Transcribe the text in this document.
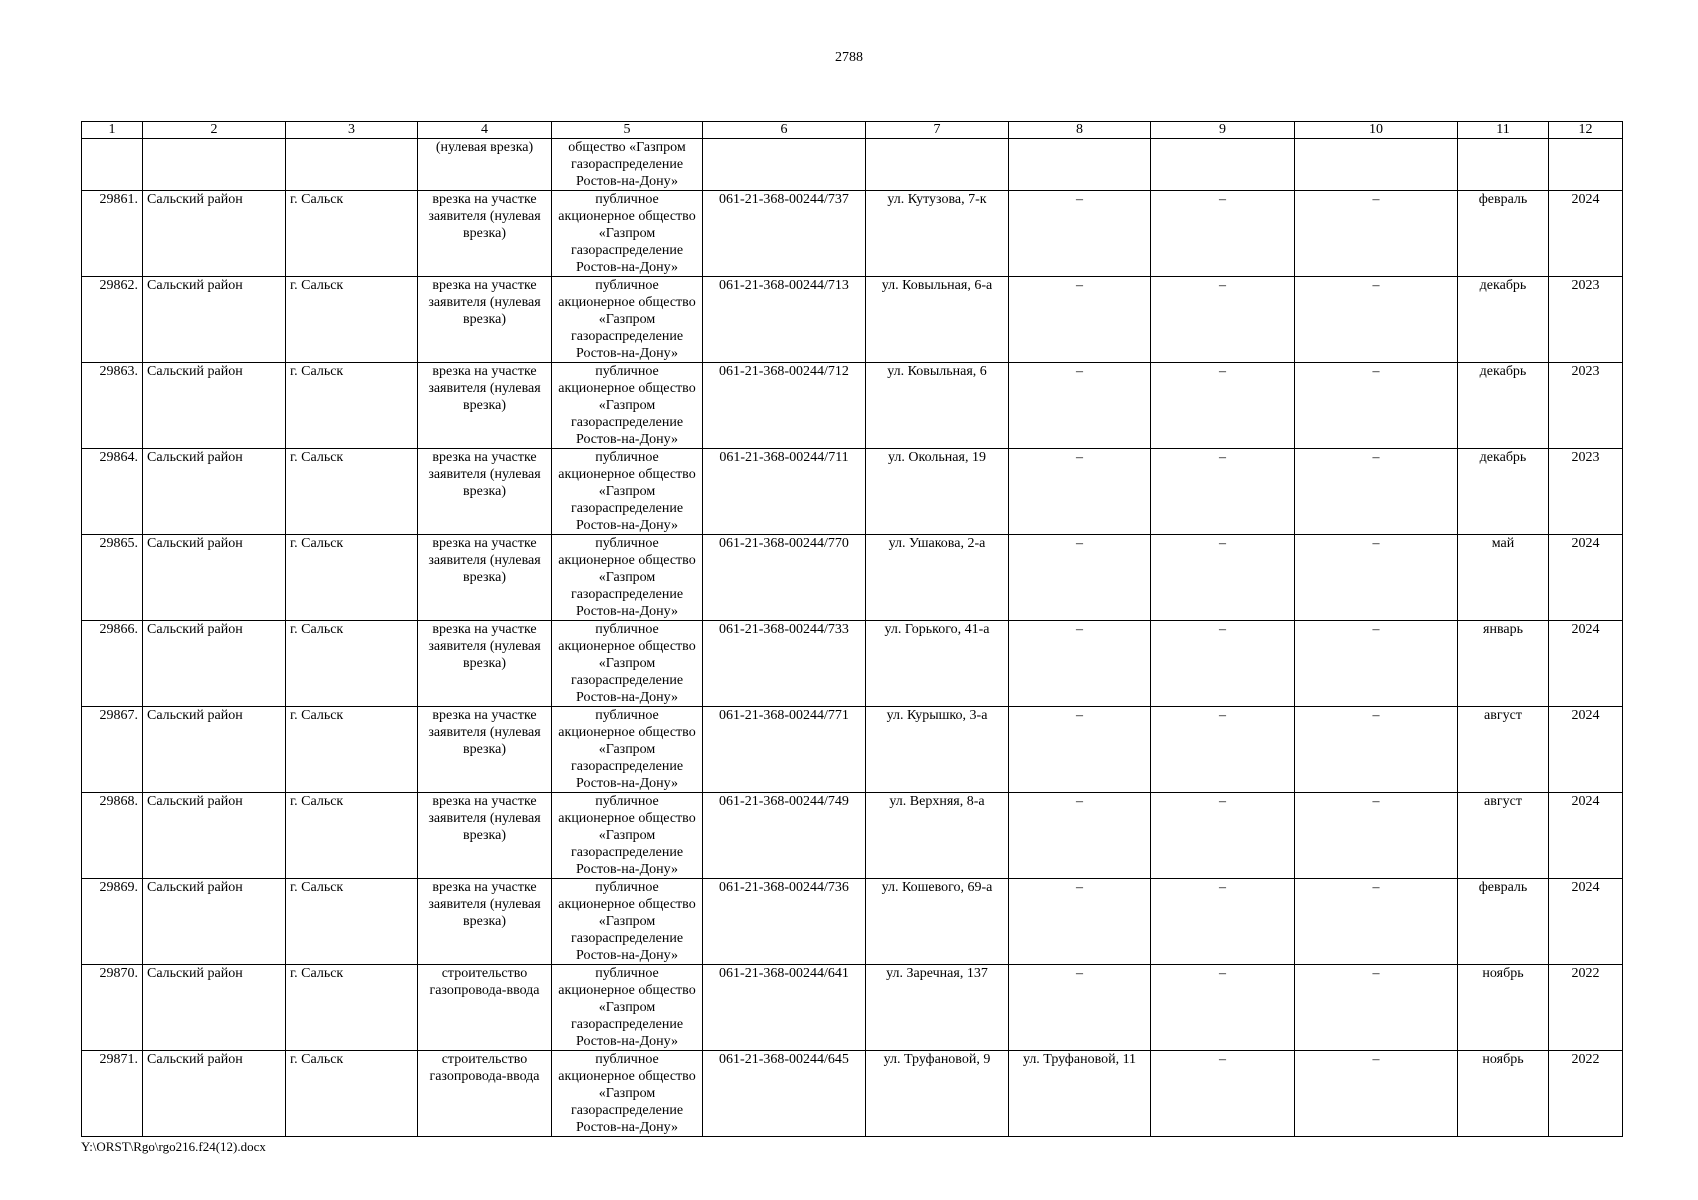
2788
1	2	3	4	5	6	7	8	9	10	11	12
			(нулевая врезка)	общество «Газпром газораспределение Ростов-на-Дону»							
29861.	Сальский район	г. Сальск	врезка на участке заявителя (нулевая врезка)	публичное акционерное общество «Газпром газораспределение Ростов-на-Дону»	061-21-368-00244/737	ул. Кутузова, 7-к	–	–	–	февраль	2024
29862.	Сальский район	г. Сальск	врезка на участке заявителя (нулевая врезка)	публичное акционерное общество «Газпром газораспределение Ростов-на-Дону»	061-21-368-00244/713	ул. Ковыльная, 6-а	–	–	–	декабрь	2023
29863.	Сальский район	г. Сальск	врезка на участке заявителя (нулевая врезка)	публичное акционерное общество «Газпром газораспределение Ростов-на-Дону»	061-21-368-00244/712	ул. Ковыльная, 6	–	–	–	декабрь	2023
29864.	Сальский район	г. Сальск	врезка на участке заявителя (нулевая врезка)	публичное акционерное общество «Газпром газораспределение Ростов-на-Дону»	061-21-368-00244/711	ул. Окольная, 19	–	–	–	декабрь	2023
29865.	Сальский район	г. Сальск	врезка на участке заявителя (нулевая врезка)	публичное акционерное общество «Газпром газораспределение Ростов-на-Дону»	061-21-368-00244/770	ул. Ушакова, 2-а	–	–	–	май	2024
29866.	Сальский район	г. Сальск	врезка на участке заявителя (нулевая врезка)	публичное акционерное общество «Газпром газораспределение Ростов-на-Дону»	061-21-368-00244/733	ул. Горького, 41-а	–	–	–	январь	2024
29867.	Сальский район	г. Сальск	врезка на участке заявителя (нулевая врезка)	публичное акционерное общество «Газпром газораспределение Ростов-на-Дону»	061-21-368-00244/771	ул. Курышко, 3-а	–	–	–	август	2024
29868.	Сальский район	г. Сальск	врезка на участке заявителя (нулевая врезка)	публичное акционерное общество «Газпром газораспределение Ростов-на-Дону»	061-21-368-00244/749	ул. Верхняя, 8-а	–	–	–	август	2024
29869.	Сальский район	г. Сальск	врезка на участке заявителя (нулевая врезка)	публичное акционерное общество «Газпром газораспределение Ростов-на-Дону»	061-21-368-00244/736	ул. Кошевого, 69-а	–	–	–	февраль	2024
29870.	Сальский район	г. Сальск	строительство газопровода-ввода	публичное акционерное общество «Газпром газораспределение Ростов-на-Дону»	061-21-368-00244/641	ул. Заречная, 137	–	–	–	ноябрь	2022
29871.	Сальский район	г. Сальск	строительство газопровода-ввода	публичное акционерное общество «Газпром газораспределение Ростов-на-Дону»	061-21-368-00244/645	ул. Труфановой, 9	ул. Труфановой, 11	–	–	ноябрь	2022
Y:\ORST\Rgo\rgo216.f24(12).docx
